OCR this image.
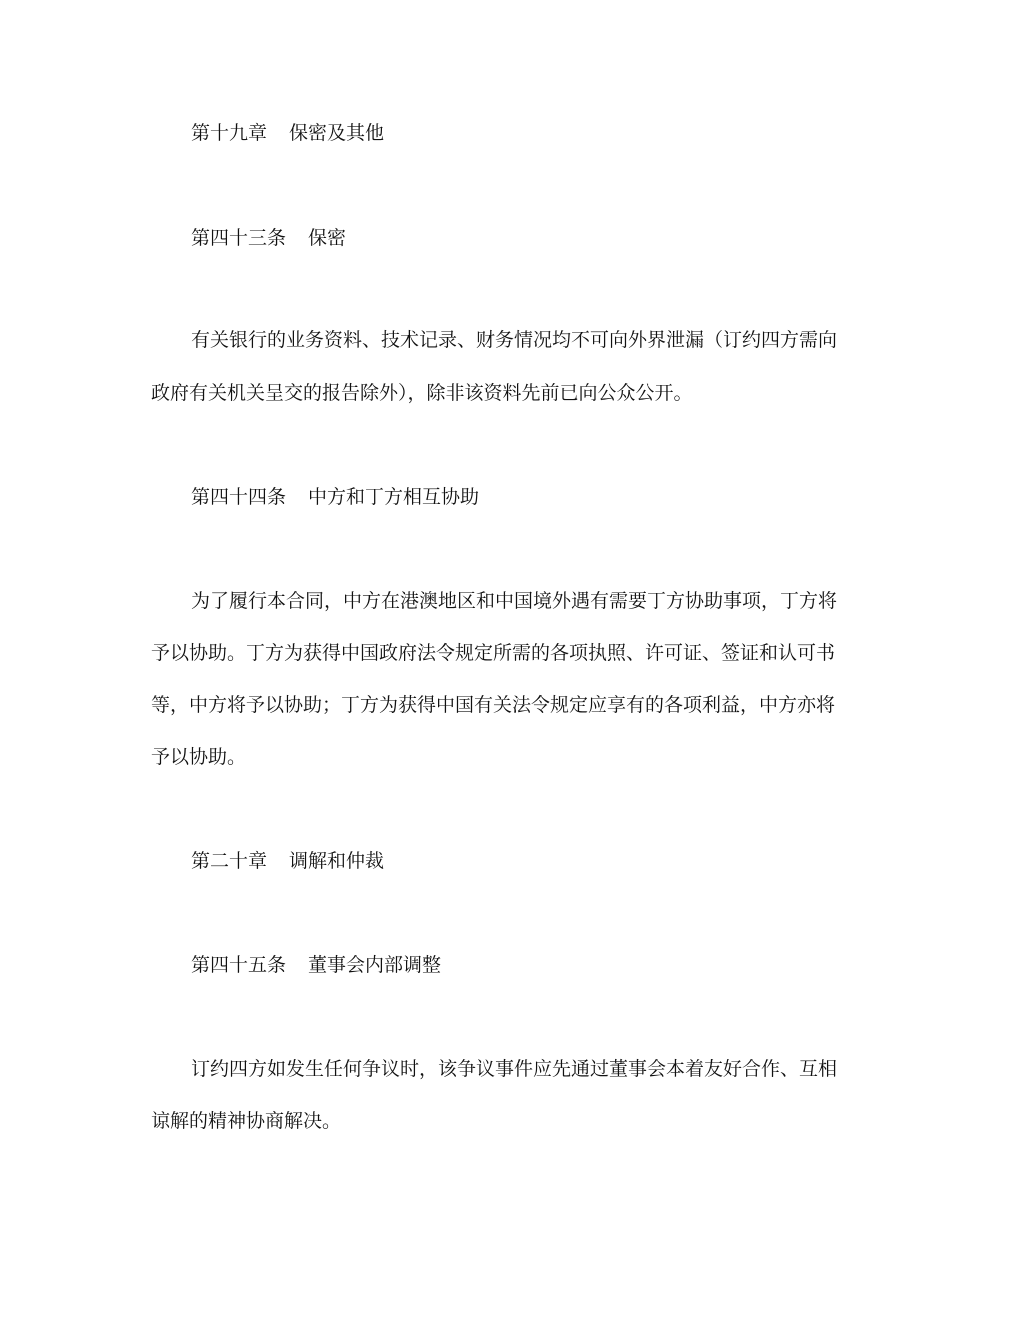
第十九章 保密及其他

第四十三条 保密

有关银行的业务资料、技术记录、财务情况均不可向外界泄漏（订约四方需向

政府有关机关呈交的报告除外），除非该资料先前已向公众公开。

第四十四条 中方和丁方相互协助

为了履行本合同，中方在港澳地区和中国境外遇有需要丁方协助事项，丁方将

予以协助。丁方为获得中国政府法令规定所需的各项执照、许可证、签证和认可书

等，中方将予以协助；丁方为获得中国有关法令规定应享有的各项利益，中方亦将

予以协助。

第二十章 调解和仲裁

第四十五条 董事会内部调整

订约四方如发生任何争议时，该争议事件应先通过董事会本着友好合作、互相

谅解的精神协商解决。
